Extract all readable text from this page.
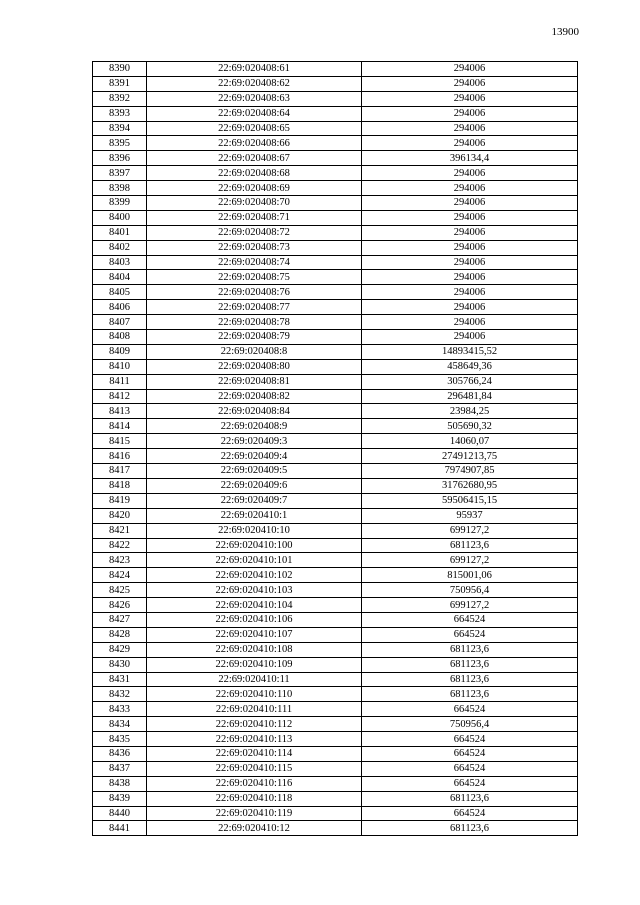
13900
8390	22:69:020408:61	294006
8391	22:69:020408:62	294006
8392	22:69:020408:63	294006
8393	22:69:020408:64	294006
8394	22:69:020408:65	294006
8395	22:69:020408:66	294006
8396	22:69:020408:67	396134,4
8397	22:69:020408:68	294006
8398	22:69:020408:69	294006
8399	22:69:020408:70	294006
8400	22:69:020408:71	294006
8401	22:69:020408:72	294006
8402	22:69:020408:73	294006
8403	22:69:020408:74	294006
8404	22:69:020408:75	294006
8405	22:69:020408:76	294006
8406	22:69:020408:77	294006
8407	22:69:020408:78	294006
8408	22:69:020408:79	294006
8409	22:69:020408:8	14893415,52
8410	22:69:020408:80	458649,36
8411	22:69:020408:81	305766,24
8412	22:69:020408:82	296481,84
8413	22:69:020408:84	23984,25
8414	22:69:020408:9	505690,32
8415	22:69:020409:3	14060,07
8416	22:69:020409:4	27491213,75
8417	22:69:020409:5	7974907,85
8418	22:69:020409:6	31762680,95
8419	22:69:020409:7	59506415,15
8420	22:69:020410:1	95937
8421	22:69:020410:10	699127,2
8422	22:69:020410:100	681123,6
8423	22:69:020410:101	699127,2
8424	22:69:020410:102	815001,06
8425	22:69:020410:103	750956,4
8426	22:69:020410:104	699127,2
8427	22:69:020410:106	664524
8428	22:69:020410:107	664524
8429	22:69:020410:108	681123,6
8430	22:69:020410:109	681123,6
8431	22:69:020410:11	681123,6
8432	22:69:020410:110	681123,6
8433	22:69:020410:111	664524
8434	22:69:020410:112	750956,4
8435	22:69:020410:113	664524
8436	22:69:020410:114	664524
8437	22:69:020410:115	664524
8438	22:69:020410:116	664524
8439	22:69:020410:118	681123,6
8440	22:69:020410:119	664524
8441	22:69:020410:12	681123,6
